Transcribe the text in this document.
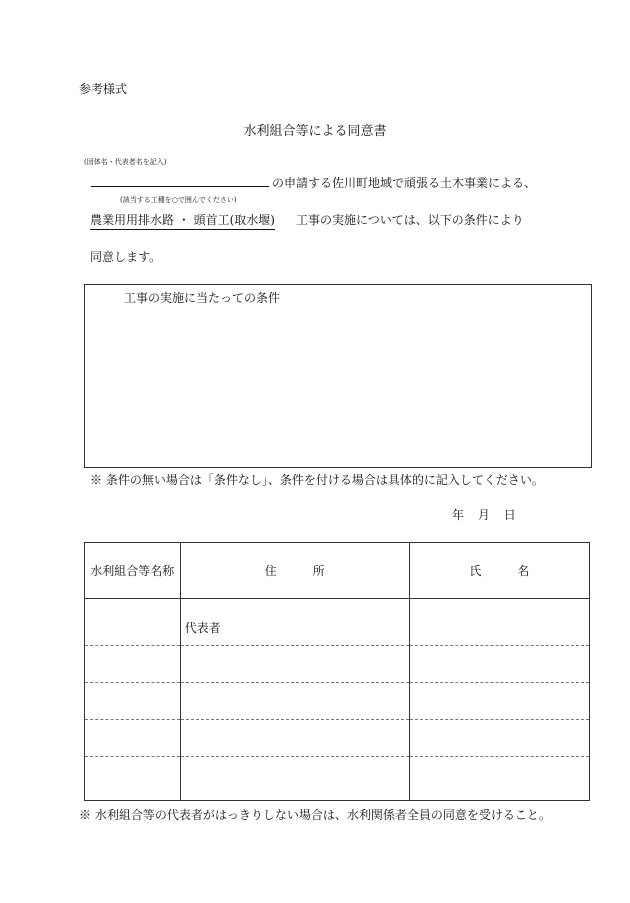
参考様式
水利組合等による同意書
(団体名・代表者名を記入)
の申請する佐川町地域で頑張る土木事業による、
(該当する工種を○で囲んでください)
農業用用排水路 ・ 頭首工(取水堰) 工事の実施については、以下の条件により
同意します。
工事の実施に当たっての条件
※ 条件の無い場合は「条件なし」、条件を付ける場合は具体的に記入してください。
年 月 日
水利組合等名称	住　　　所	氏　　　名

	代表者	

※ 水利組合等の代表者がはっきりしない場合は、水利関係者全員の同意を受けること。
